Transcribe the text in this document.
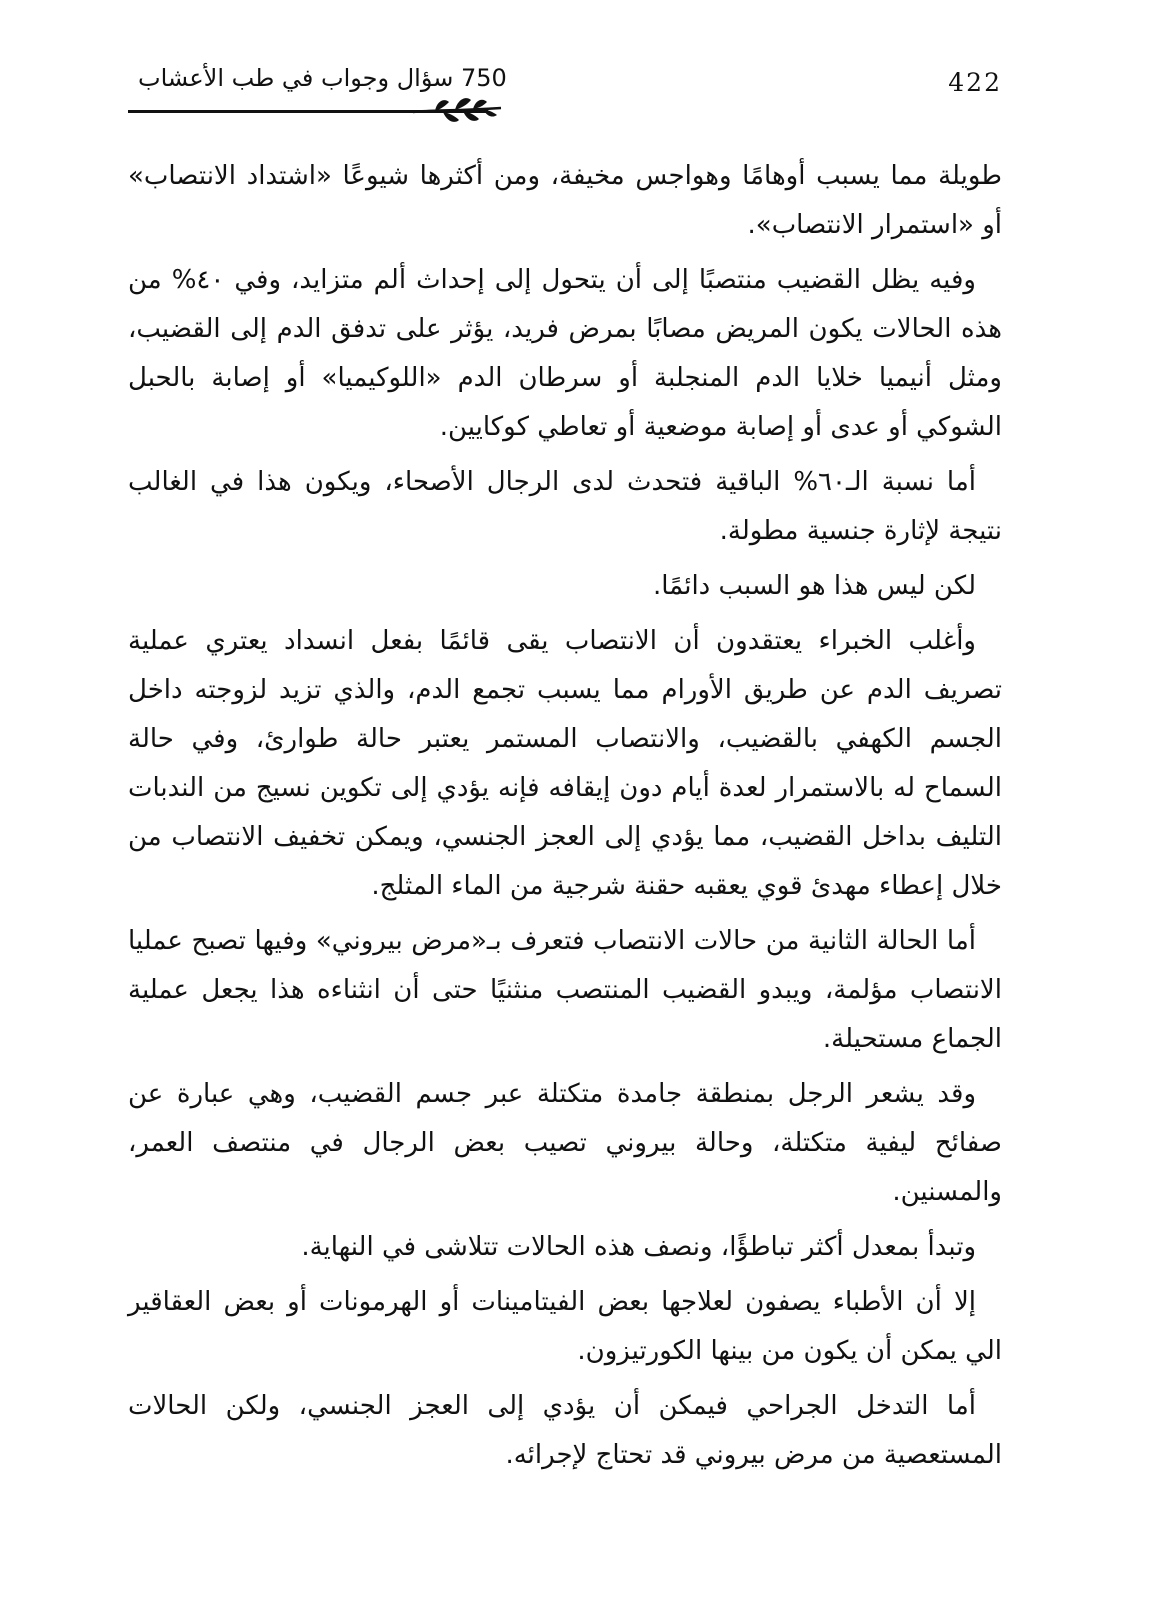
422
750 سؤال وجواب في طب الأعشاب

طويلة مما يسبب أوهامًا وهواجس مخيفة، ومن أكثرها شيوعًا «اشتداد الانتصاب» أو «استمرار الانتصاب».

وفيه يظل القضيب منتصبًا إلى أن يتحول إلى إحداث ألم متزايد، وفي ٤٠% من هذه الحالات يكون المريض مصابًا بمرض فريد، يؤثر على تدفق الدم إلى القضيب، ومثل أنيميا خلايا الدم المنجلبة أو سرطان الدم «اللوكيميا» أو إصابة بالحبل الشوكي أو عدى أو إصابة موضعية أو تعاطي كوكايين.

أما نسبة الـ٦٠% الباقية فتحدث لدى الرجال الأصحاء، ويكون هذا في الغالب نتيجة لإثارة جنسية مطولة.

لكن ليس هذا هو السبب دائمًا.

وأغلب الخبراء يعتقدون أن الانتصاب يقى قائمًا بفعل انسداد يعتري عملية تصريف الدم عن طريق الأورام مما يسبب تجمع الدم، والذي تزيد لزوجته داخل الجسم الكهفي بالقضيب، والانتصاب المستمر يعتبر حالة طوارئ، وفي حالة السماح له بالاستمرار لعدة أيام دون إيقافه فإنه يؤدي إلى تكوين نسيج من الندبات التليف بداخل القضيب، مما يؤدي إلى العجز الجنسي، ويمكن تخفيف الانتصاب من خلال إعطاء مهدئ قوي يعقبه حقنة شرجية من الماء المثلج.

أما الحالة الثانية من حالات الانتصاب فتعرف بـ«مرض بيروني» وفيها تصبح عمليا الانتصاب مؤلمة، ويبدو القضيب المنتصب منثنيًا حتى أن انثناءه هذا يجعل عملية الجماع مستحيلة.

وقد يشعر الرجل بمنطقة جامدة متكتلة عبر جسم القضيب، وهي عبارة عن صفائح ليفية متكتلة، وحالة بيروني تصيب بعض الرجال في منتصف العمر، والمسنين.

وتبدأ بمعدل أكثر تباطؤًا، ونصف هذه الحالات تتلاشى في النهاية.

إلا أن الأطباء يصفون لعلاجها بعض الفيتامينات أو الهرمونات أو بعض العقاقير الي يمكن أن يكون من بينها الكورتيزون.

أما التدخل الجراحي فيمكن أن يؤدي إلى العجز الجنسي، ولكن الحالات المستعصية من مرض بيروني قد تحتاج لإجرائه.
